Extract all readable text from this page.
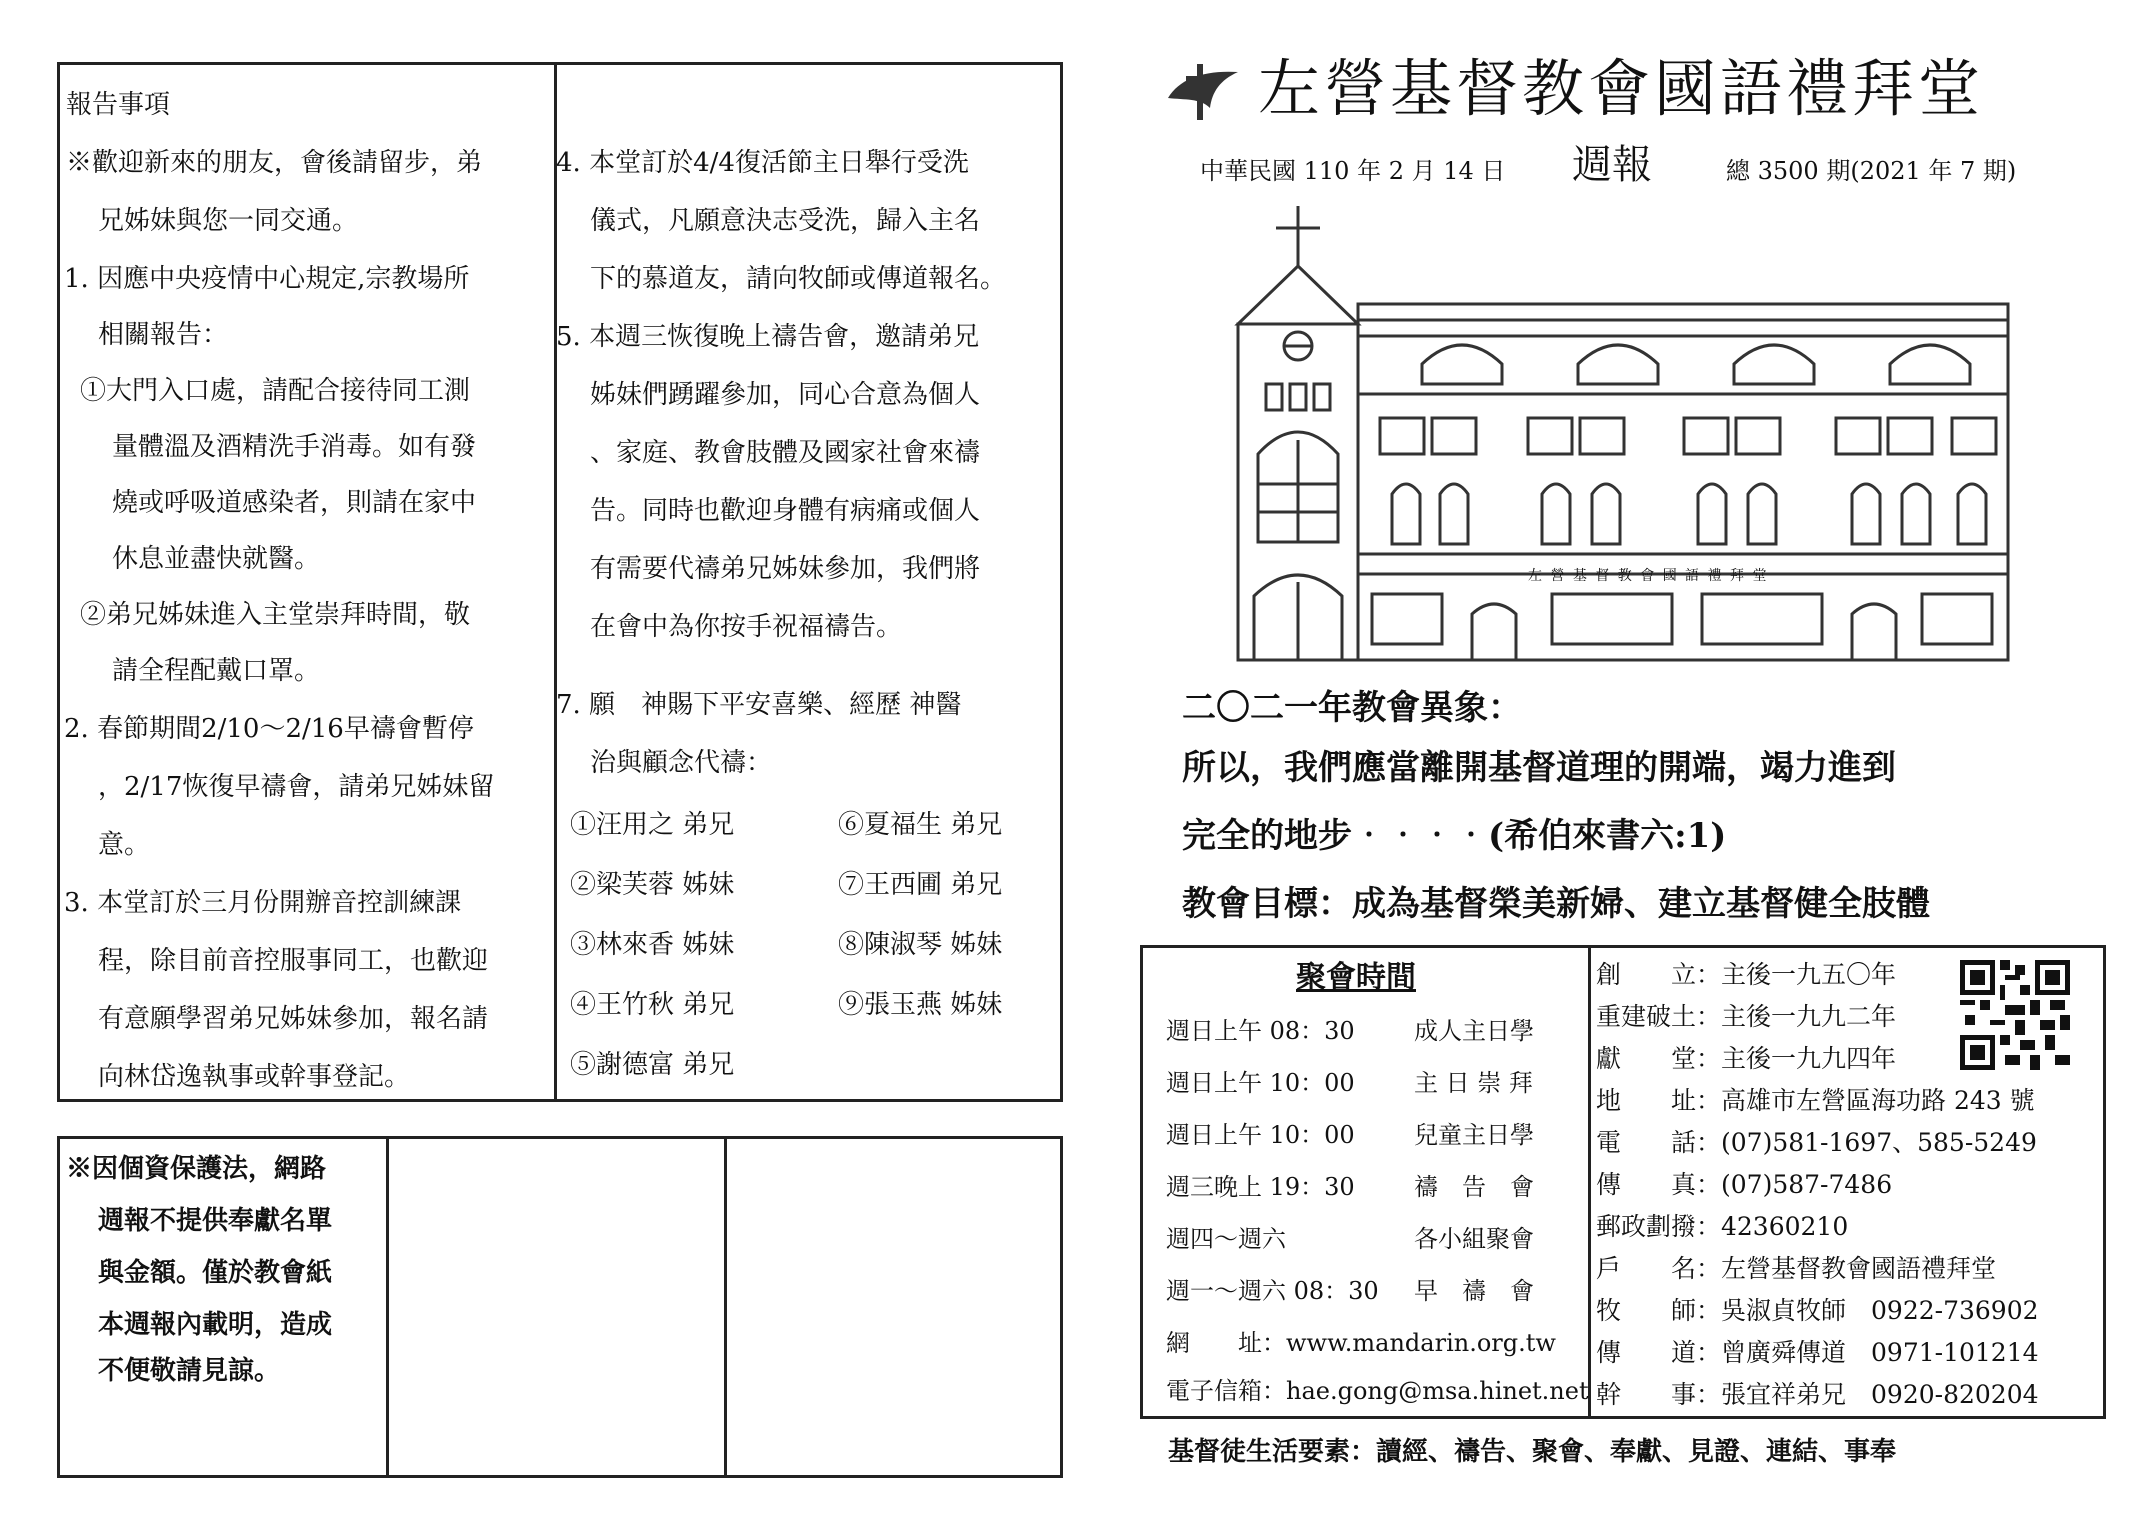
報告事項
※歡迎新來的朋友，會後請留步，弟
兄姊妹與您一同交通。
1. 因應中央疫情中心規定,宗教場所
相關報告：
①大門入口處，請配合接待同工測
量體溫及酒精洗手消毒。如有發
燒或呼吸道感染者，則請在家中
休息並盡快就醫。
②弟兄姊妹進入主堂崇拜時間，敬
請全程配戴口罩。
2. 春節期間2/10～2/16早禱會暫停
，2/17恢復早禱會，請弟兄姊妹留
意。
3. 本堂訂於三月份開辦音控訓練課
程，除目前音控服事同工，也歡迎
有意願學習弟兄姊妹參加，報名請
向林岱逸執事或幹事登記。
4. 本堂訂於4/4復活節主日舉行受洗
儀式，凡願意決志受洗，歸入主名
下的慕道友，請向牧師或傳道報名。
5. 本週三恢復晚上禱告會，邀請弟兄
姊妹們踴躍參加，同心合意為個人
、家庭、教會肢體及國家社會來禱
告。同時也歡迎身體有病痛或個人
有需要代禱弟兄姊妹參加，我們將
在會中為你按手祝福禱告。
7. 願　神賜下平安喜樂、經歷 神醫
治與顧念代禱：
①汪用之 弟兄	⑥夏福生 弟兄
②梁芙蓉 姊妹	⑦王西圃 弟兄
③林來香 姊妹	⑧陳淑琴 姊妹
④王竹秋 弟兄	⑨張玉燕 姊妹
⑤謝德富 弟兄
※因個資保護法，網路
週報不提供奉獻名單
與金額。僅於教會紙
本週報內載明，造成
不便敬請見諒。
左營基督教會國語禮拜堂
中華民國 110 年 2 月 14 日 週報	總 3500 期(2021 年 7 期)
左 營 基 督 教 會 國 語 禮 拜 堂
二〇二一年教會異象：
所以，我們應當離開基督道理的開端，竭力進到
完全的地步‧‧‧‧(希伯來書六:1)
教會目標：成為基督榮美新婦、建立基督健全肢體
聚會時間
週日上午 08：30 成人主日學
週日上午 10：00 主 日 崇 拜
週日上午 10：00 兒童主日學
週三晚上 19：30 禱　告　會
週四～週六	各小組聚會
週一～週六 08：30 早　禱　會
網　　址：www.mandarin.org.tw
電子信箱：hae.gong@msa.hinet.net
創　　立：主後一九五〇年
重建破土：主後一九九二年
獻　　堂：主後一九九四年
地　　址：高雄市左營區海功路 243 號
電　　話：(07)581-1697、585-5249
傳　　真：(07)587-7486
郵政劃撥：42360210
戶　　名：左營基督教會國語禮拜堂
牧　　師：吳淑貞牧師　0922-736902
傳　　道：曾廣舜傳道　0971-101214
幹　　事：張宜祥弟兄　0920-820204
基督徒生活要素：讀經、禱告、聚會、奉獻、見證、連結、事奉
